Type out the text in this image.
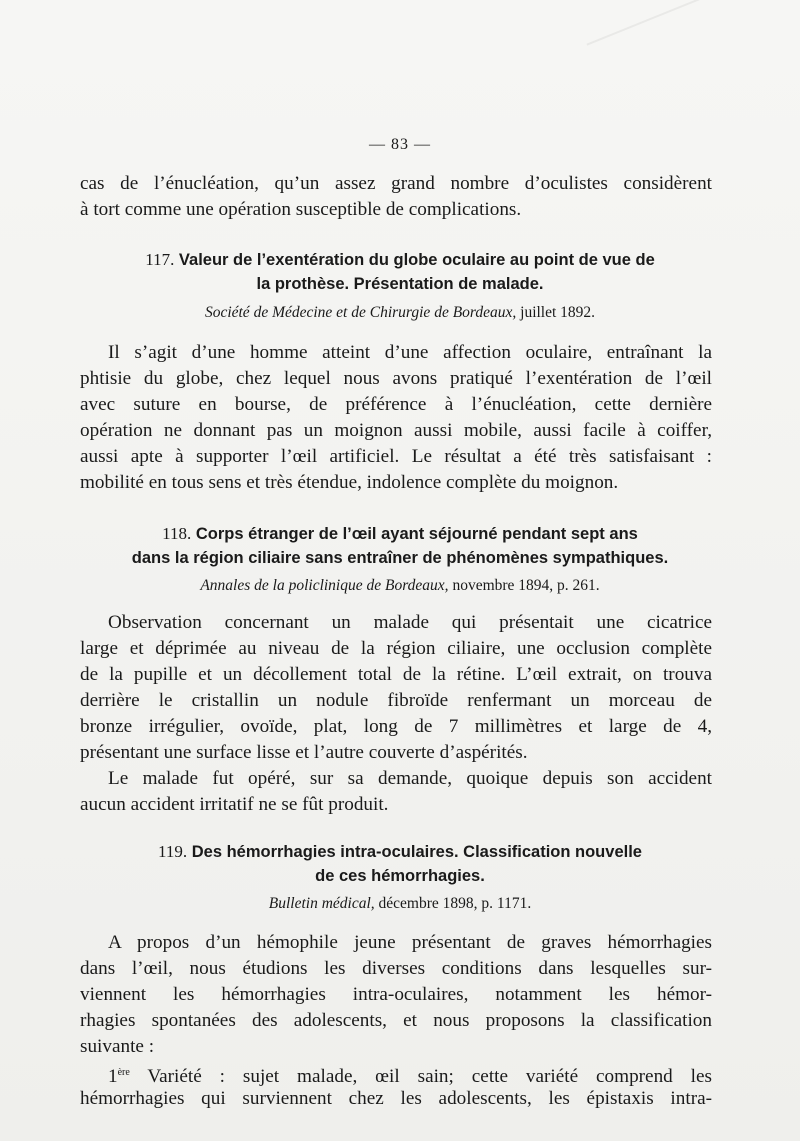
— 83 —
cas de l’énucléation, qu’un assez grand nombre d’oculistes considèrent
à tort comme une opération susceptible de complications.
117. Valeur de l’exentération du globe oculaire au point de vue de
la prothèse. Présentation de malade.
Société de Médecine et de Chirurgie de Bordeaux, juillet 1892.
Il s’agit d’une homme atteint d’une affection oculaire, entraînant la
phtisie du globe, chez lequel nous avons pratiqué l’exentération de l’œil
avec suture en bourse, de préférence à l’énucléation, cette dernière
opération ne donnant pas un moignon aussi mobile, aussi facile à coiffer,
aussi apte à supporter l’œil artificiel. Le résultat a été très satisfaisant :
mobilité en tous sens et très étendue, indolence complète du moignon.
118. Corps étranger de l’œil ayant séjourné pendant sept ans
dans la région ciliaire sans entraîner de phénomènes sympathiques.
Annales de la policlinique de Bordeaux, novembre 1894, p. 261.
Observation concernant un malade qui présentait une cicatrice
large et déprimée au niveau de la région ciliaire, une occlusion complète
de la pupille et un décollement total de la rétine. L’œil extrait, on trouva
derrière le cristallin un nodule fibroïde renfermant un morceau de
bronze irrégulier, ovoïde, plat, long de 7 millimètres et large de 4,
présentant une surface lisse et l’autre couverte d’aspérités.
Le malade fut opéré, sur sa demande, quoique depuis son accident
aucun accident irritatif ne se fût produit.
119. Des hémorrhagies intra-oculaires. Classification nouvelle
de ces hémorrhagies.
Bulletin médical, décembre 1898, p. 1171.
A propos d’un hémophile jeune présentant de graves hémorrhagies
dans l’œil, nous étudions les diverses conditions dans lesquelles sur-
viennent les hémorrhagies intra-oculaires, notamment les hémor-
rhagies spontanées des adolescents, et nous proposons la classification
suivante :
1ère Variété : sujet malade, œil sain; cette variété comprend les
hémorrhagies qui surviennent chez les adolescents, les épistaxis intra-
